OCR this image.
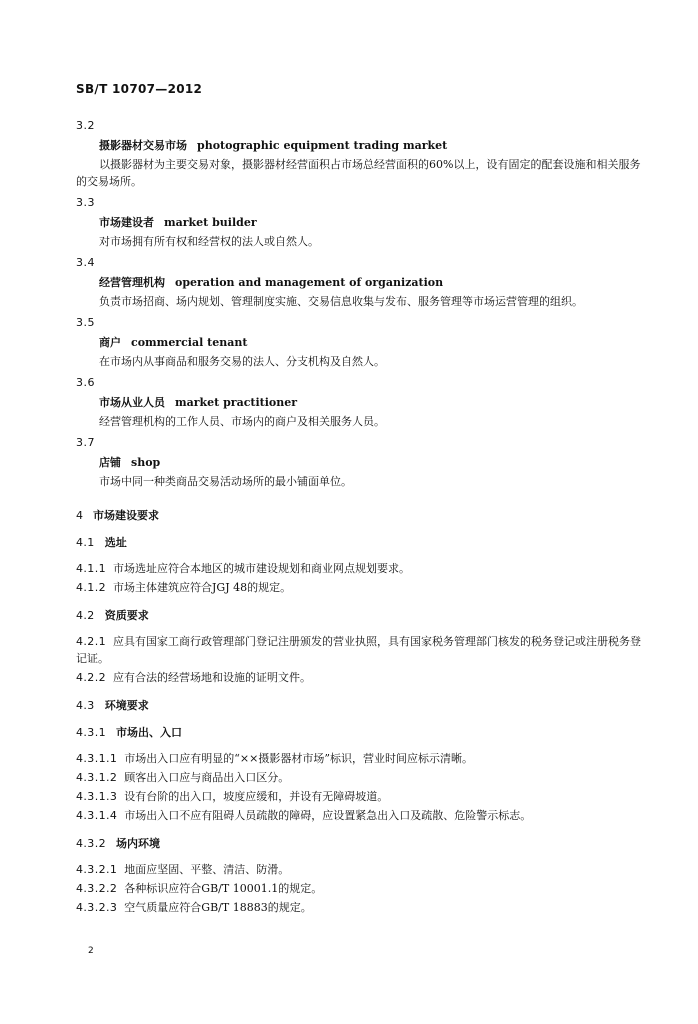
SB/T 10707—2012
3.2
摄影器材交易市场 photographic equipment trading market
以摄影器材为主要交易对象，摄影器材经营面积占市场总经营面积的60%以上，设有固定的配套设施和相关服务的交易场所。
3.3
市场建设者 market builder
对市场拥有所有权和经营权的法人或自然人。
3.4
经营管理机构 operation and management of organization
负责市场招商、场内规划、管理制度实施、交易信息收集与发布、服务管理等市场运营管理的组织。
3.5
商户 commercial tenant
在市场内从事商品和服务交易的法人、分支机构及自然人。
3.6
市场从业人员 market practitioner
经营管理机构的工作人员、市场内的商户及相关服务人员。
3.7
店铺 shop
市场中同一种类商品交易活动场所的最小铺面单位。
4 市场建设要求
4.1 选址
4.1.1 市场选址应符合本地区的城市建设规划和商业网点规划要求。
4.1.2 市场主体建筑应符合JGJ 48的规定。
4.2 资质要求
4.2.1 应具有国家工商行政管理部门登记注册颁发的营业执照，具有国家税务管理部门核发的税务登记或注册税务登记证。
4.2.2 应有合法的经营场地和设施的证明文件。
4.3 环境要求
4.3.1 市场出、入口
4.3.1.1 市场出入口应有明显的“××摄影器材市场”标识，营业时间应标示清晰。
4.3.1.2 顾客出入口应与商品出入口区分。
4.3.1.3 设有台阶的出入口，坡度应缓和，并设有无障碍坡道。
4.3.1.4 市场出入口不应有阻碍人员疏散的障碍，应设置紧急出入口及疏散、危险警示标志。
4.3.2 场内环境
4.3.2.1 地面应坚固、平整、清洁、防滑。
4.3.2.2 各种标识应符合GB/T 10001.1的规定。
4.3.2.3 空气质量应符合GB/T 18883的规定。
2
